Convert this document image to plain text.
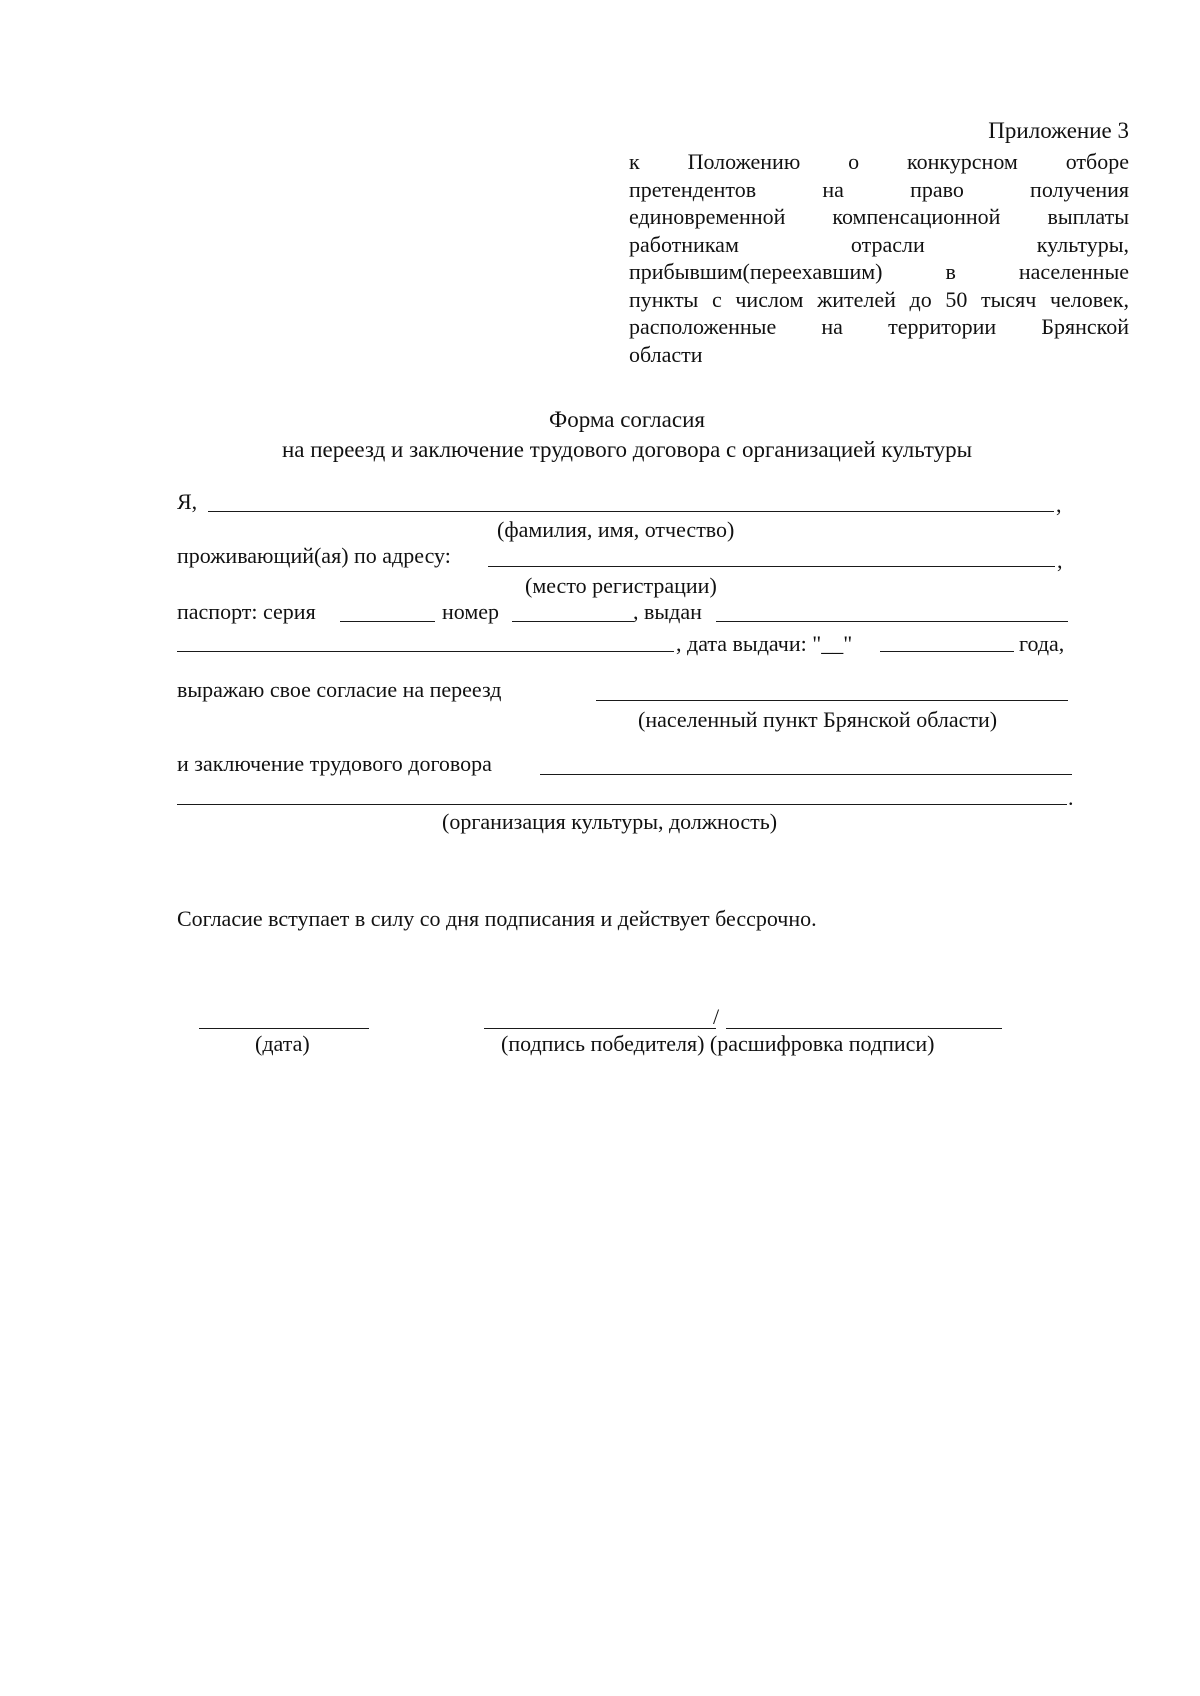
Приложение 3
к Положению о конкурсном отборе
претендентов на право получения
единовременной компенсационной выплаты
работникам отрасли культуры,
прибывшим(переехавшим) в населенные
пункты с числом жителей до 50 тысяч человек,
расположенные на территории Брянской
области
Форма согласия
на переезд и заключение трудового договора с организацией культуры
Я,	,
(фамилия, имя, отчество)
проживающий(ая) по адресу:	,
(место регистрации)
паспорт: серия	номер	, выдан
, дата выдачи: "__"	года,
выражаю свое согласие на переезд
(населенный пункт Брянской области)
и заключение трудового договора
.
(организация культуры, должность)
Согласие вступает в силу со дня подписания и действует бессрочно.
(дата)
/
(подпись победителя) (расшифровка подписи)
